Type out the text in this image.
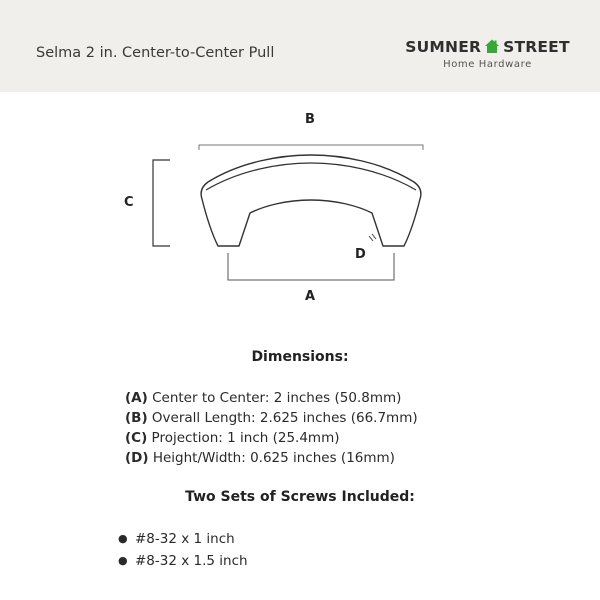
Selma 2 in. Center-to-Center Pull	SUMNER STREET
Home Hardware
B
C
D
A
Dimensions:
(A) Center to Center: 2 inches (50.8mm)
(B) Overall Length: 2.625 inches (66.7mm)
(C) Projection: 1 inch (25.4mm)
(D) Height/Width: 0.625 inches (16mm)
Two Sets of Screws Included:
● #8-32 x 1 inch
● #8-32 x 1.5 inch
